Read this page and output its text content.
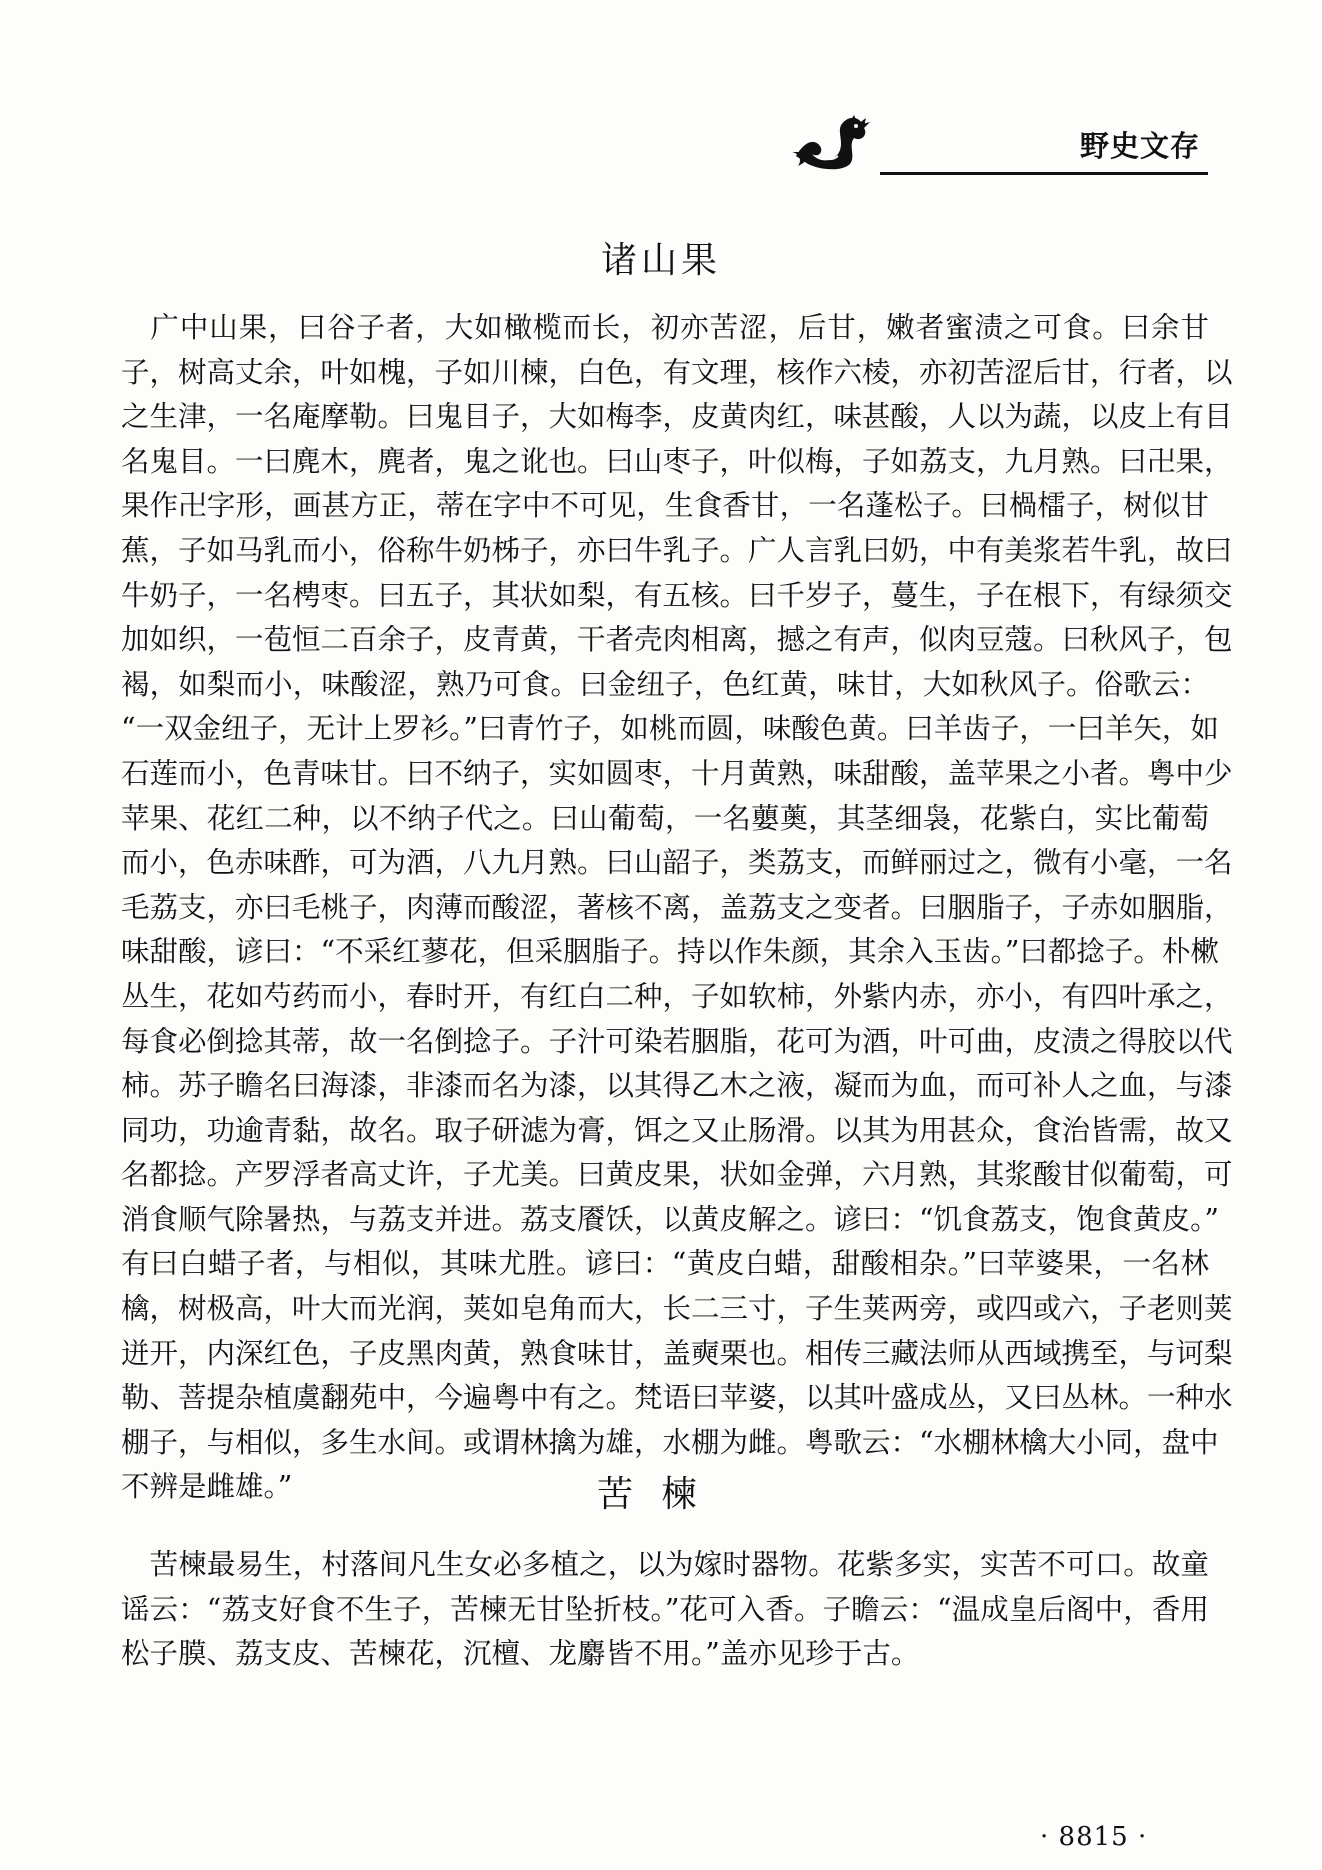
野史文存
诸山果
　广中山果，曰谷子者，大如橄榄而长，初亦苦涩，后甘，嫩者蜜渍之可食。曰余甘
子，树高丈余，叶如槐，子如川楝，白色，有文理，核作六棱，亦初苦涩后甘，行者，以
之生津，一名庵摩勒。曰鬼目子，大如梅李，皮黄肉红，味甚酸，人以为蔬，以皮上有目
名鬼目。一曰麂木，麂者，鬼之讹也。曰山枣子，叶似梅，子如荔支，九月熟。曰卍果，
果作卍字形，画甚方正，蒂在字中不可见，生食香甘，一名蓬松子。曰楇檑子，树似甘
蕉，子如马乳而小，俗称牛奶柹子，亦曰牛乳子。广人言乳曰奶，中有美浆若牛乳，故曰
牛奶子，一名梬枣。曰五子，其状如梨，有五核。曰千岁子，蔓生，子在根下，有绿须交
加如织，一苞恒二百余子，皮青黄，干者壳肉相离，撼之有声，似肉豆蔻。曰秋风子，包
褐，如梨而小，味酸涩，熟乃可食。曰金纽子，色红黄，味甘，大如秋风子。俗歌云：
“一双金纽子，无计上罗衫。”曰青竹子，如桃而圆，味酸色黄。曰羊齿子，一曰羊矢，如
石莲而小，色青味甘。曰不纳子，实如圆枣，十月黄熟，味甜酸，盖苹果之小者。粤中少
苹果、花红二种，以不纳子代之。曰山葡萄，一名蘡薁，其茎细袅，花紫白，实比葡萄
而小，色赤味酢，可为酒，八九月熟。曰山韶子，类荔支，而鲜丽过之，微有小毫，一名
毛荔支，亦曰毛桃子，肉薄而酸涩，著核不离，盖荔支之变者。曰胭脂子，子赤如胭脂，
味甜酸，谚曰：“不采红蓼花，但采胭脂子。持以作朱颜，其余入玉齿。”曰都捻子。朴樕
丛生，花如芍药而小，春时开，有红白二种，子如软柿，外紫内赤，亦小，有四叶承之，
每食必倒捻其蒂，故一名倒捻子。子汁可染若胭脂，花可为酒，叶可曲，皮渍之得胶以代
柿。苏子瞻名曰海漆，非漆而名为漆，以其得乙木之液，凝而为血，而可补人之血，与漆
同功，功逾青黏，故名。取子研滤为膏，饵之又止肠滑。以其为用甚众，食治皆需，故又
名都捻。产罗浮者高丈许，子尤美。曰黄皮果，状如金弹，六月熟，其浆酸甘似葡萄，可
消食顺气除暑热，与荔支并进。荔支餍饫，以黄皮解之。谚曰：“饥食荔支，饱食黄皮。”
有曰白蜡子者，与相似，其味尤胜。谚曰：“黄皮白蜡，甜酸相杂。”曰苹婆果，一名林
檎，树极高，叶大而光润，荚如皂角而大，长二三寸，子生荚两旁，或四或六，子老则荚
迸开，内深红色，子皮黑肉黄，熟食味甘，盖奭栗也。相传三藏法师从西域携至，与诃梨
勒、菩提杂植虞翻苑中，今遍粤中有之。梵语曰苹婆，以其叶盛成丛，又曰丛林。一种水
棚子，与相似，多生水间。或谓林擒为雄，水棚为雌。粤歌云：“水棚林檎大小同，盘中
不辨是雌雄。”	苦楝
　苦楝最易生，村落间凡生女必多植之，以为嫁时器物。花紫多实，实苦不可口。故童
谣云：“荔支好食不生子，苦楝无甘坠折枝。”花可入香。子瞻云：“温成皇后阁中，香用
松子膜、荔支皮、苦楝花，沉檀、龙麝皆不用。”盖亦见珍于古。
· 8815 ·
